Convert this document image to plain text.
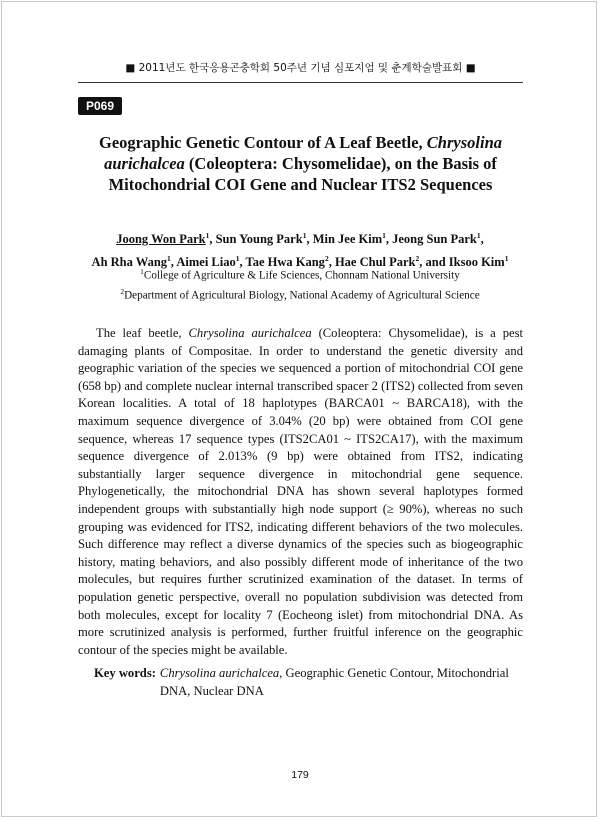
■ 2011년도 한국응용곤충학회 50주년 기념 심포지엄 및 춘계학술발표회 ■
P069
Geographic Genetic Contour of A Leaf Beetle, Chrysolina
aurichalcea (Coleoptera: Chysomelidae), on the Basis of
Mitochondrial COI Gene and Nuclear ITS2 Sequences
Joong Won Park$^1$, Sun Young Park$^1$, Min Jee Kim$^1$, Jeong Sun Park$^1$,
Ah Rha Wang$^1$, Aimei Liao$^1$, Tae Hwa Kang$^2$, Hae Chul Park$^2$, and Iksoo Kim$^1$
$^1$College of Agriculture & Life Sciences, Chonnam National University
$^2$Department of Agricultural Biology, National Academy of Agricultural Science

The leaf beetle, Chrysolina aurichalcea (Coleoptera: Chysomelidae), is a pest damaging plants of Compositae. In order to understand the genetic diversity and geographic variation of the species we sequenced a portion of mitochondrial COI gene (658 bp) and complete nuclear internal transcribed spacer 2 (ITS2) collected from seven Korean localities. A total of 18 haplotypes (BARCA01 ~ BARCA18), with the maximum sequence divergence of 3.04% (20 bp) were obtained from COI gene sequence, whereas 17 sequence types (ITS2CA01 ~ ITS2CA17), with the maximum sequence divergence of 2.013% (9 bp) were obtained from ITS2, indicating substantially larger sequence divergence in mitochondrial gene sequence. Phylogenetically, the mitochondrial DNA has shown several haplotypes formed independent groups with substantially high node support (≥ 90%), whereas no such grouping was evidenced for ITS2, indicating different behaviors of the two molecules. Such difference may reflect a diverse dynamics of the species such as biogeographic history, mating behaviors, and also possibly different mode of inheritance of the two molecules, but requires further scrutinized examination of the dataset. In terms of population genetic perspective, overall no population subdivision was detected from both molecules, except for locality 7 (Eocheong islet) from mitochondrial DNA. As more scrutinized analysis is performed, further fruitful inference on the geographic contour of the species might be available.

Key words: Chrysolina aurichalcea, Geographic Genetic Contour, Mitochondrial DNA, Nuclear DNA
179
